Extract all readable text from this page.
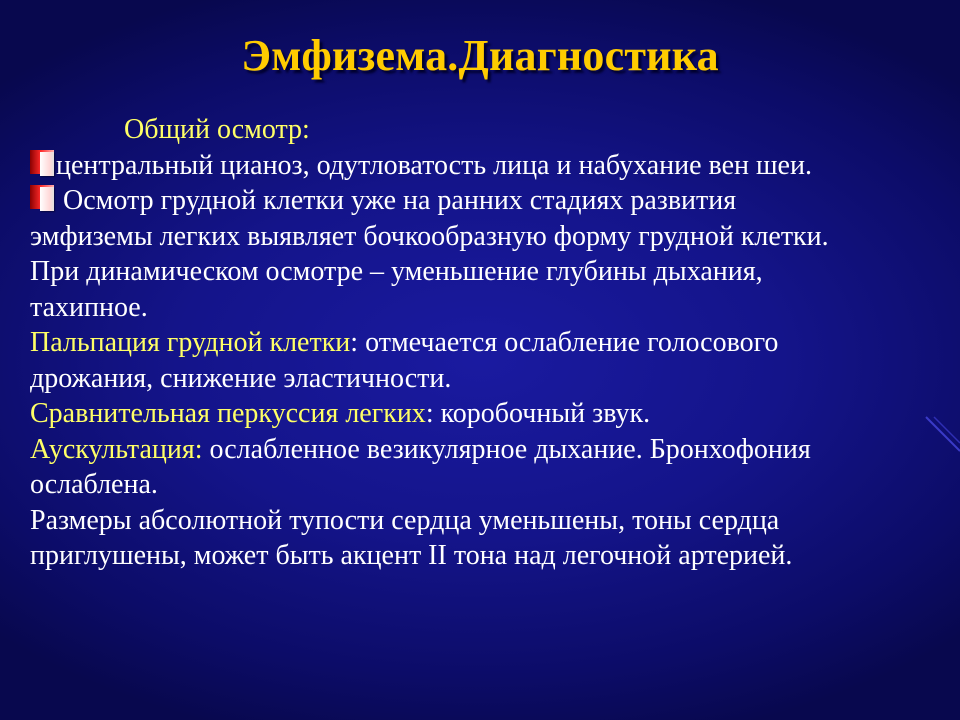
Эмфизема.Диагностика
Общий осмотр:
центральный цианоз, одутловатость лица и набухание вен шеи.
Осмотр грудной клетки уже на ранних стадиях развития
эмфиземы легких выявляет бочкообразную форму грудной клетки.
При динамическом осмотре – уменьшение глубины дыхания,
тахипное.
Пальпация грудной клетки: отмечается ослабление голосового
дрожания, снижение эластичности.
Сравнительная перкуссия легких: коробочный звук.
Аускультация: ослабленное везикулярное дыхание. Бронхофония
ослаблена.
Размеры абсолютной тупости сердца уменьшены, тоны сердца
приглушены, может быть акцент II тона над легочной артерией.
